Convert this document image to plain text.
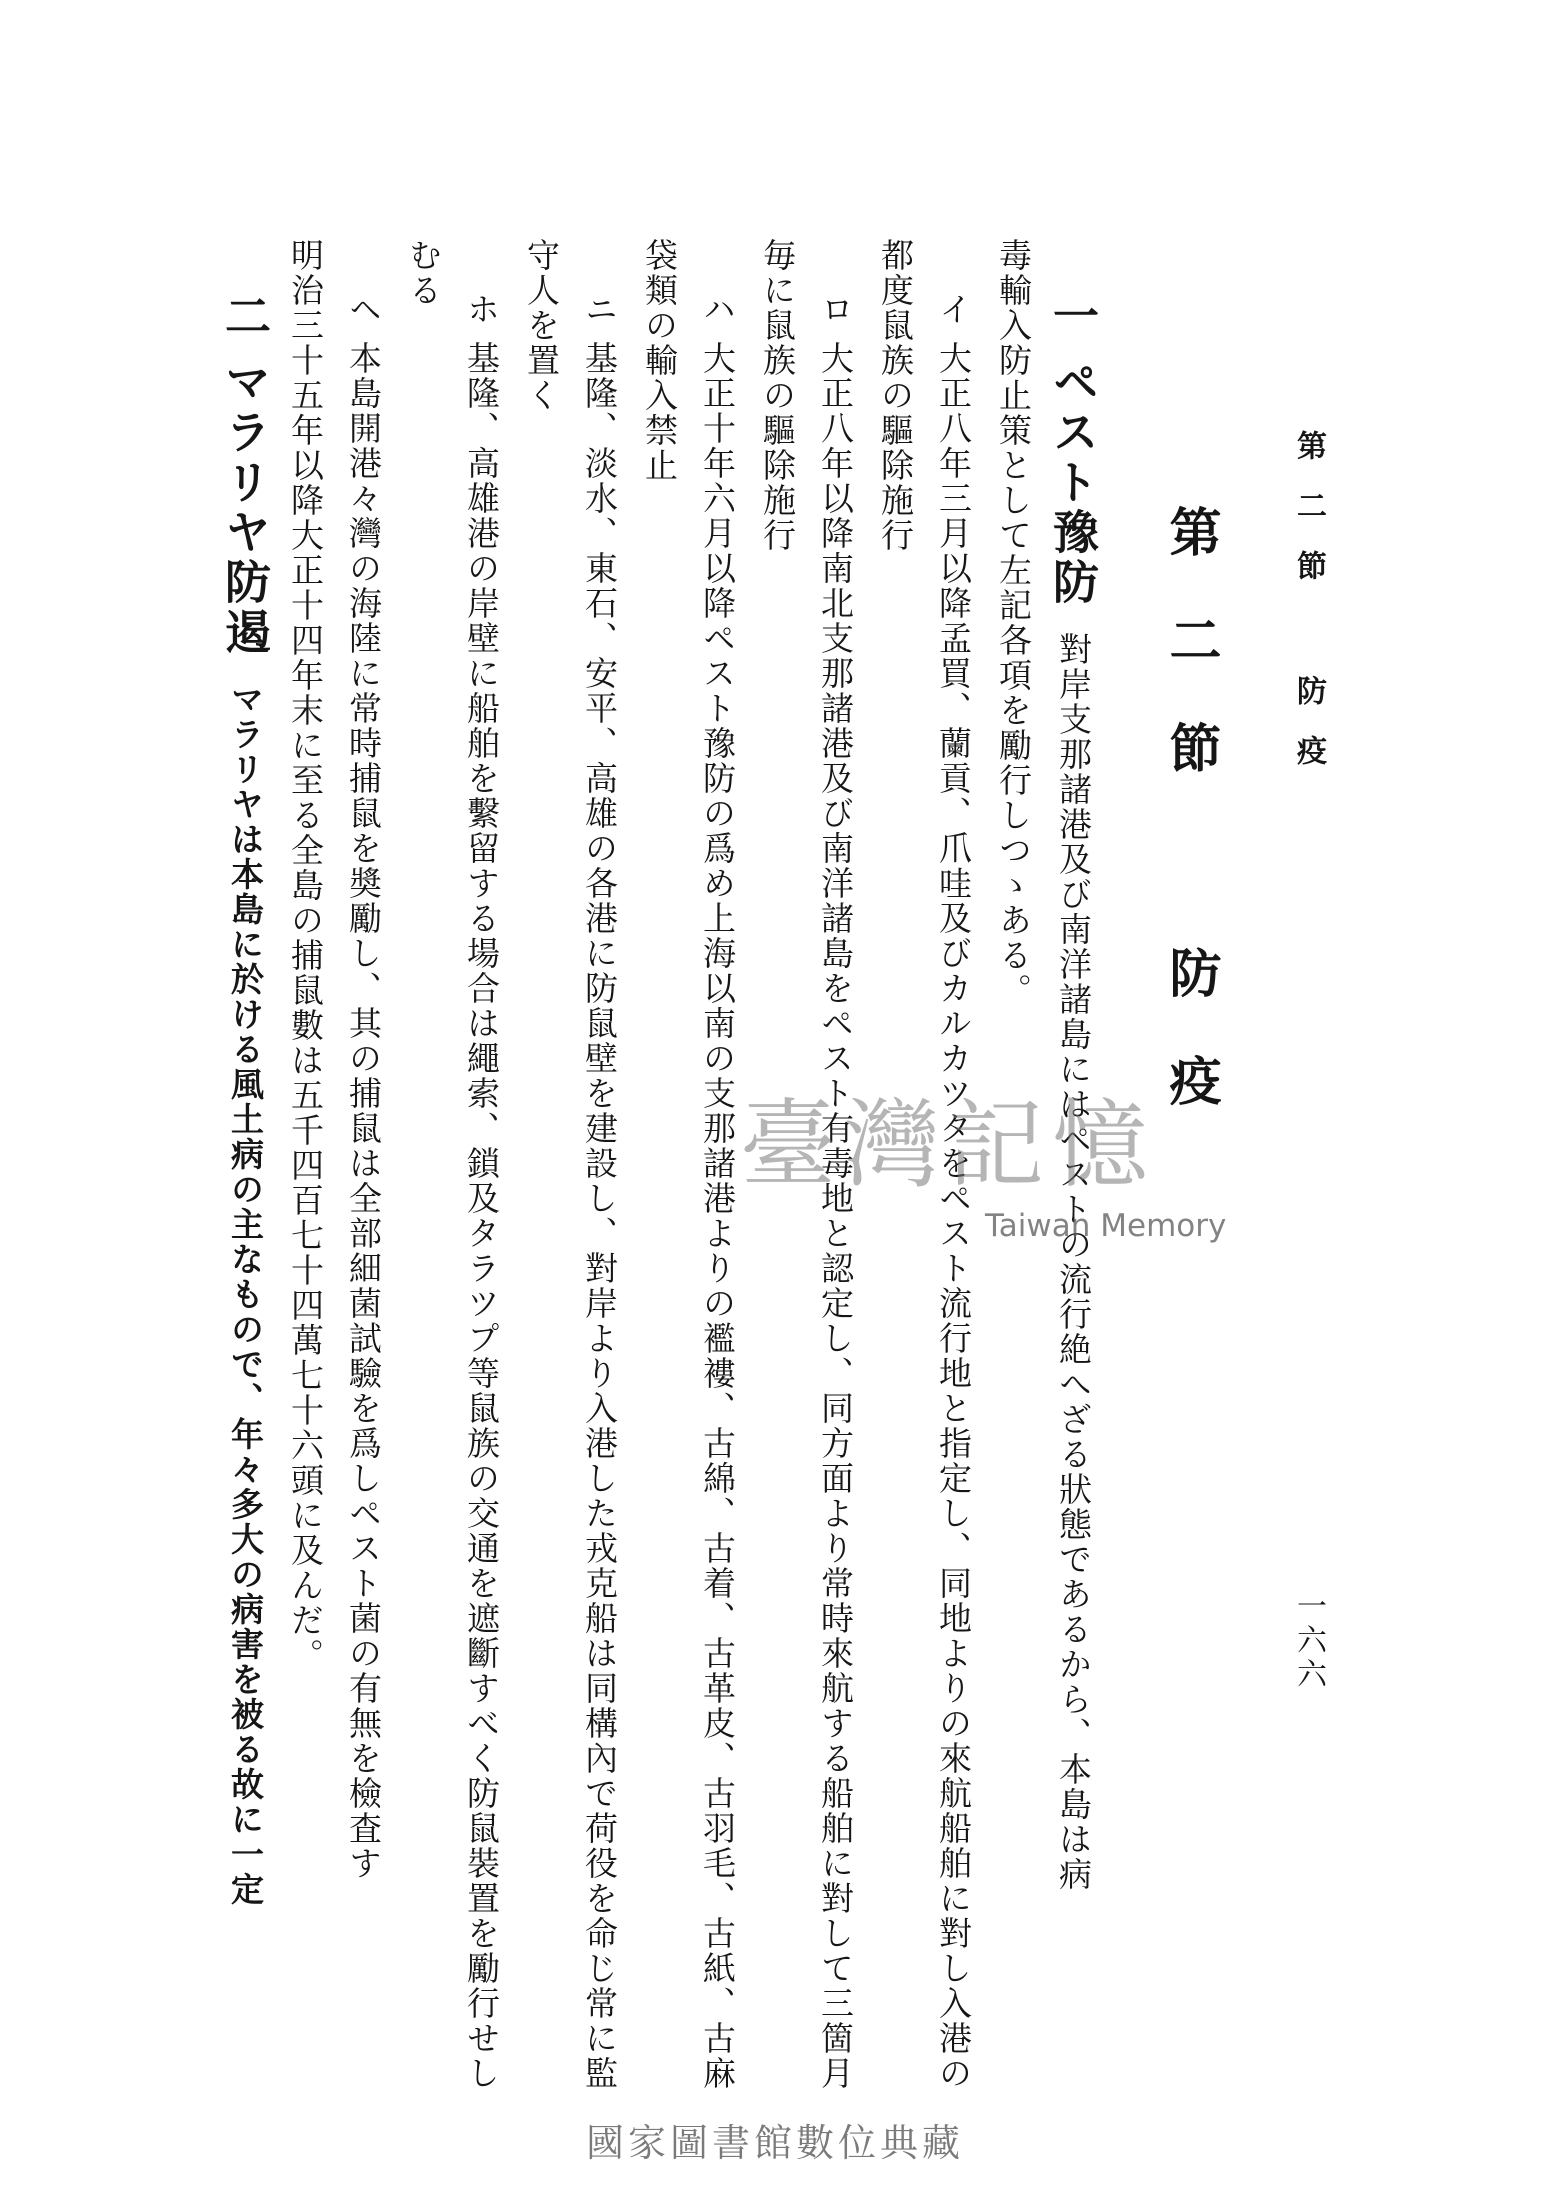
第二節 防疫
一六六
第二節 防疫
一ペスト豫防對岸支那諸港及び南洋諸島にはペストの流行絶へざる狀態であるから、本島は病
毒輸入防止策として左記各項を勵行しつゝある。
イ大正八年三月以降孟買、蘭貢、爪哇及びカルカツタをペスト流行地と指定し、同地よりの來航船舶に對し入港の
都度鼠族の驅除施行
ロ大正八年以降南北支那諸港及び南洋諸島をペスト有毒地と認定し、同方面より常時來航する船舶に對して三箇月
毎に鼠族の驅除施行
ハ大正十年六月以降ペスト豫防の爲め上海以南の支那諸港よりの襤褸、古綿、古着、古革皮、古羽毛、古紙、古麻
袋類の輸入禁止
ニ基隆、淡水、東石、安平、高雄の各港に防鼠壁を建設し、對岸より入港した戎克船は同構內で荷役を命じ常に監
守人を置く
ホ基隆、高雄港の岸壁に船舶を繫留する場合は繩索、鎖及タラツプ等鼠族の交通を遮斷すべく防鼠裝置を勵行せし
むる
ヘ本島開港々灣の海陸に常時捕鼠を奬勵し、其の捕鼠は全部細菌試驗を爲しペスト菌の有無を檢査す
明治三十五年以降大正十四年末に至る全島の捕鼠數は五千四百七十四萬七十六頭に及んだ。
二マラリヤ防遏マラリヤは本島に於ける風土病の主なもので、年々多大の病害を被る故に一定	臺灣記憶
Taiwan Memory
國家圖書館數位典藏
